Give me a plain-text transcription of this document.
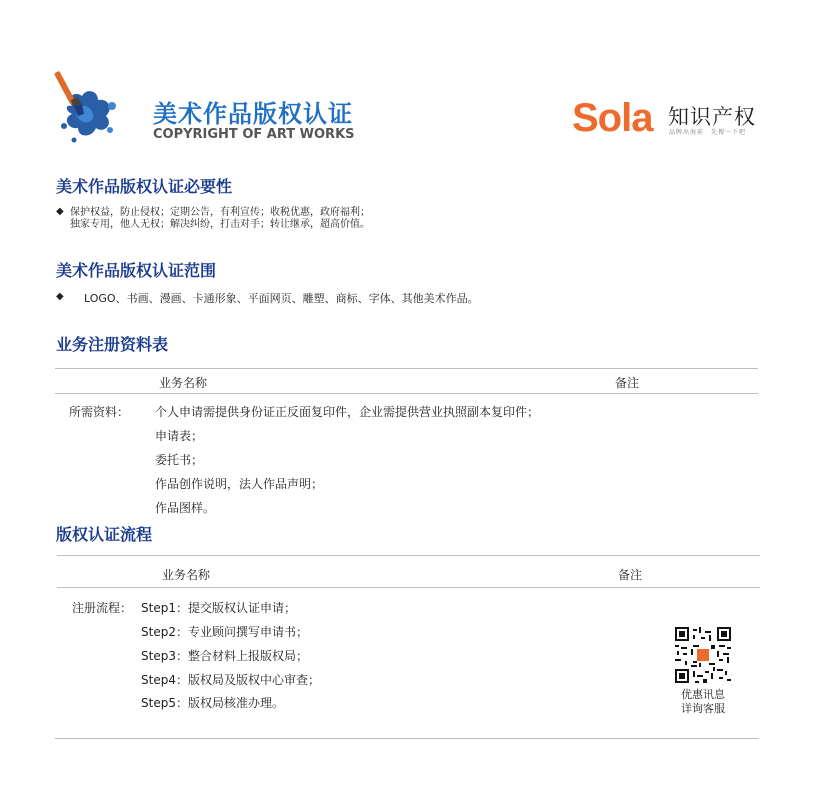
美术作品版权认证
COPYRIGHT OF ART WORKS	Sola 知识产权
品牌出海前　先搜一下吧
美术作品版权认证必要性
◆ 保护权益，防止侵权；定期公告，有利宣传；收税优惠，政府福利；
独家专用，他人无权；解决纠纷，打击对手；转让继承，超高价值。
美术作品版权认证范围
◆ LOGO、书画、漫画、卡通形象、平面网页、雕塑、商标、字体、其他美术作品。
业务注册资料表
业务名称	备注
所需资料： 个人申请需提供身份证正反面复印件，企业需提供营业执照副本复印件；
申请表；
委托书；
作品创作说明，法人作品声明；
作品图样。
版权认证流程
业务名称	备注
注册流程： Step1：提交版权认证申请；
Step2：专业顾问撰写申请书；
Step3：整合材料上报版权局；
Step4：版权局及版权中心审查；
Step5：版权局核准办理。
优惠讯息
详询客服
